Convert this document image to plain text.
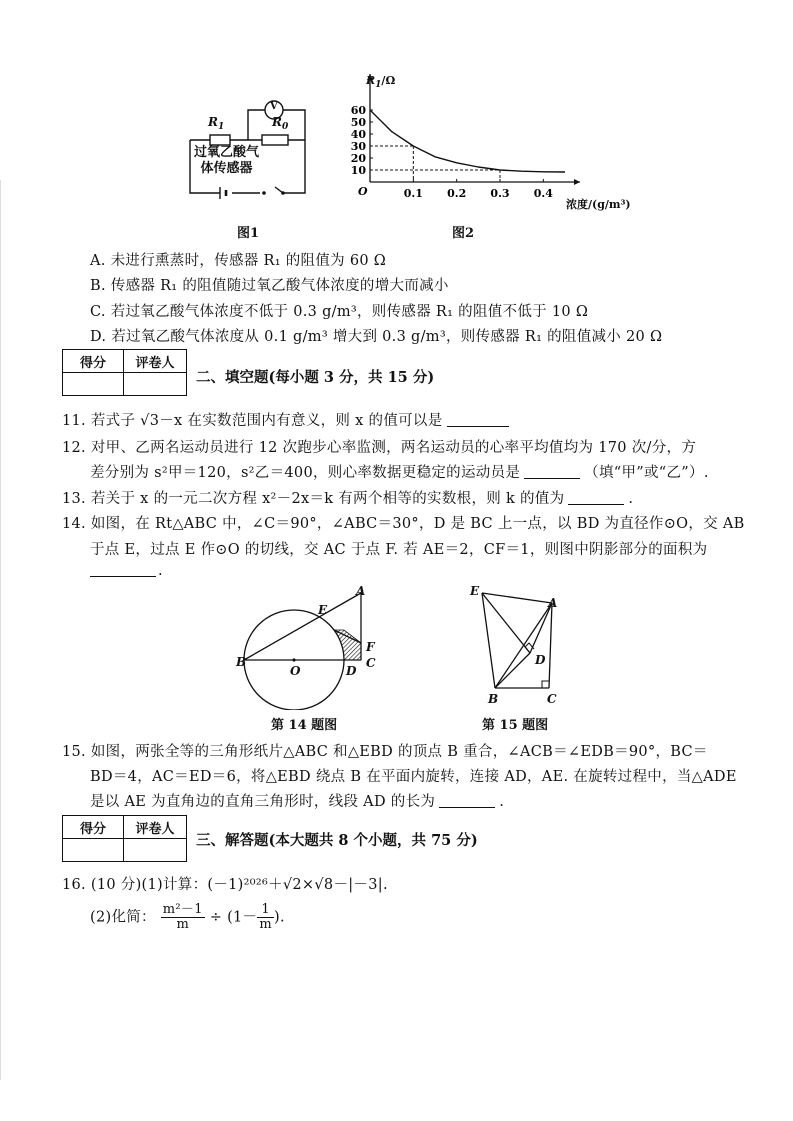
V
$R_1$	$R_0$
过氧乙酸气
体传感器
图1
60
50
40
30
20
10
0.1 0.2 0.3 0.4
O
$R_1/\Omega$
浓度/(g/m³)
图2
A. 未进行熏蒸时，传感器 R₁ 的阻值为 60 Ω
B. 传感器 R₁ 的阻值随过氧乙酸气体浓度的增大而减小
C. 若过氧乙酸气体浓度不低于 0.3 g/m³，则传感器 R₁ 的阻值不低于 10 Ω
D. 若过氧乙酸气体浓度从 0.1 g/m³ 增大到 0.3 g/m³，则传感器 R₁ 的阻值减小 20 Ω
得分	评卷人

二、填空题(每小题 3 分，共 15 分)
11. 若式子 √3－x 在实数范围内有意义，则 x 的值可以是
12. 对甲、乙两名运动员进行 12 次跑步心率监测，两名运动员的心率平均值均为 170 次/分，方
差分别为 s²甲＝120，s²乙＝400，则心率数据更稳定的运动员是	（填“甲”或“乙”）.
13. 若关于 x 的一元二次方程 x²－2x＝k 有两个相等的实数根，则 k 的值为	.
14. 如图，在 Rt△ABC 中，∠C＝90°，∠ABC＝30°，D 是 BC 上一点，以 BD 为直径作⊙O，交 AB
于点 E，过点 E 作⊙O 的切线，交 AC 于点 F. 若 AE＝2，CF＝1，则图中阴影部分的面积为
.
A
E
F
C
D
B
O
第 14 题图
E
A
D
B	C
第 15 题图
15. 如图，两张全等的三角形纸片△ABC 和△EBD 的顶点 B 重合，∠ACB＝∠EDB＝90°，BC＝
BD＝4，AC＝ED＝6，将△EBD 绕点 B 在平面内旋转，连接 AD，AE. 在旋转过程中，当△ADE
是以 AE 为直角边的直角三角形时，线段 AD 的长为	.
得分	评卷人

三、解答题(本大题共 8 个小题，共 75 分)
16. (10 分)(1)计算：(－1)²⁰²⁶＋√2×√8－|－3|.
(2)化简： $\frac{\text{m²－1}}{m} \div (1- \frac{1}{m}$ ).
